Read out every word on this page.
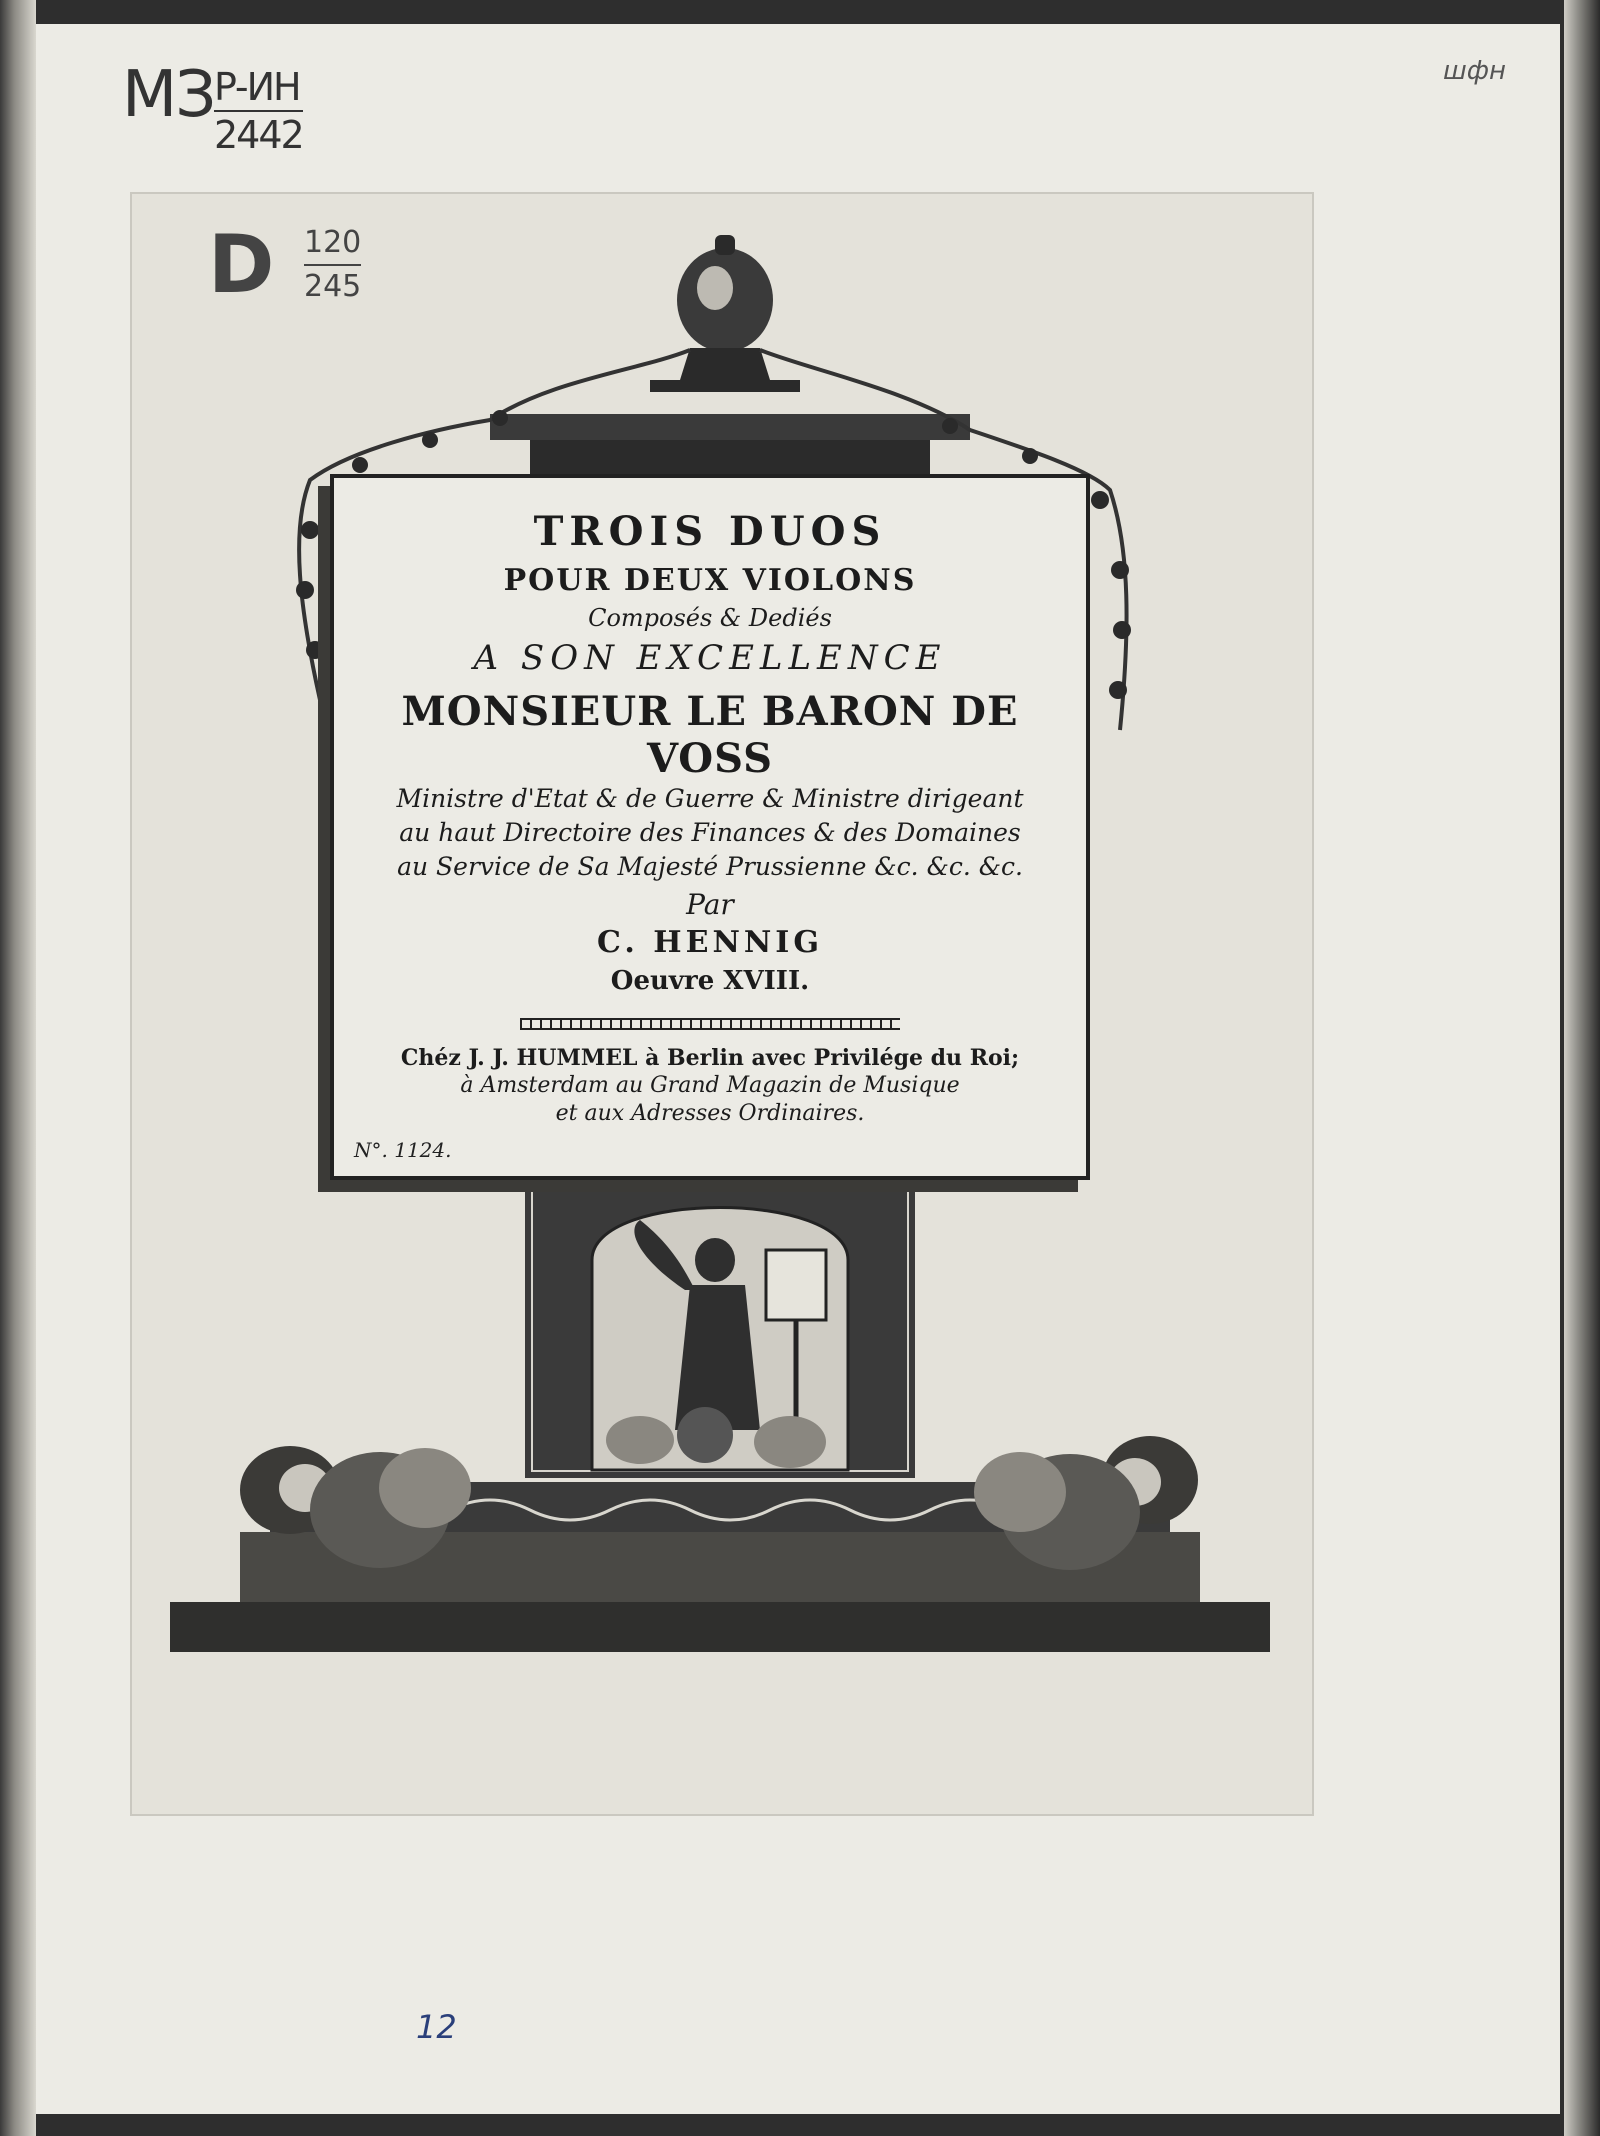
МЗ Р-ИН
2442
шфн
D 120
245
TROIS DUOS
POUR DEUX VIOLONS
Composés & Dediés
A SON EXCELLENCE
MONSIEUR LE BARON DE VOSS
Ministre d'Etat & de Guerre & Ministre dirigeant
au haut Directoire des Finances & des Domaines
au Service de Sa Majesté Prussienne &c. &c. &c.
Par
C. HENNIG
Oeuvre XVIII.
Chéz J. J. HUMMEL à Berlin avec Privilége du Roi;
à Amsterdam au Grand Magazin de Musique
et aux Adresses Ordinaires.
N°. 1124.
12
